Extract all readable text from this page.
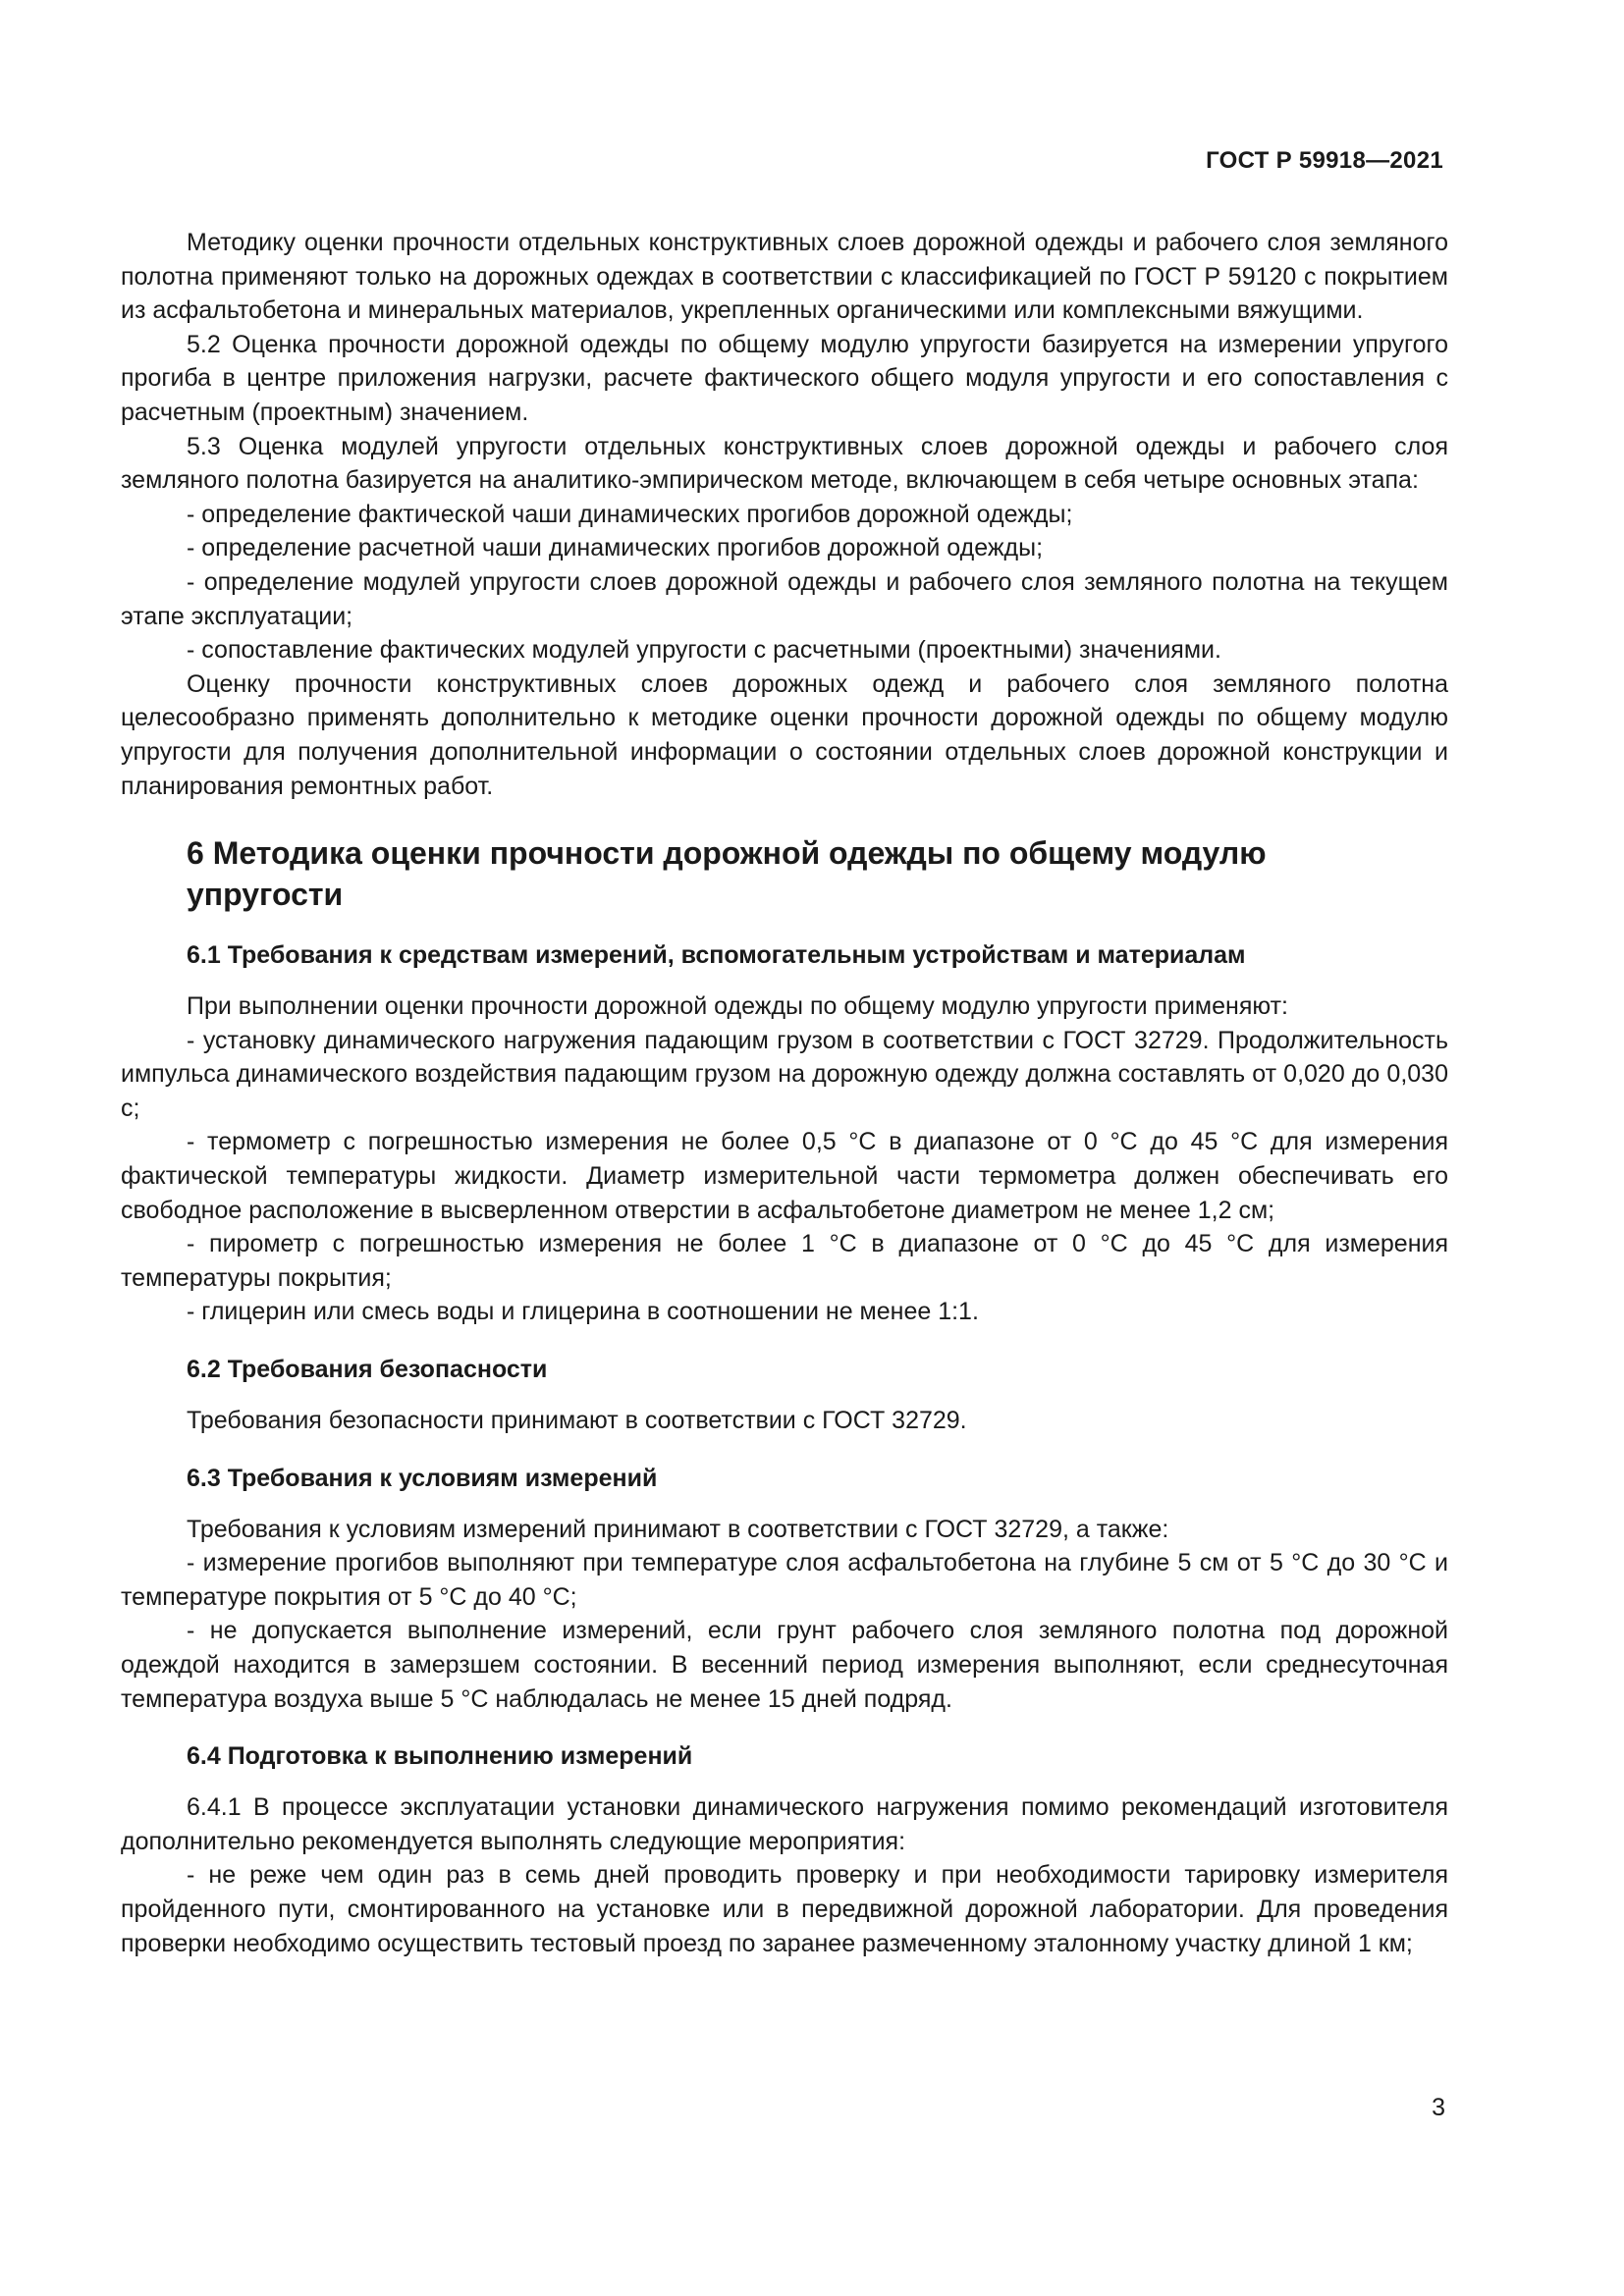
ГОСТ Р 59918—2021

Методику оценки прочности отдельных конструктивных слоев дорожной одежды и рабочего слоя земляного полотна применяют только на дорожных одеждах в соответствии с классификацией по ГОСТ Р 59120 с покрытием из асфальтобетона и минеральных материалов, укрепленных органическими или комплексными вяжущими.

5.2 Оценка прочности дорожной одежды по общему модулю упругости базируется на измерении упругого прогиба в центре приложения нагрузки, расчете фактического общего модуля упругости и его сопоставления с расчетным (проектным) значением.

5.3 Оценка модулей упругости отдельных конструктивных слоев дорожной одежды и рабочего слоя земляного полотна базируется на аналитико-эмпирическом методе, включающем в себя четыре основных этапа:

- определение фактической чаши динамических прогибов дорожной одежды;

- определение расчетной чаши динамических прогибов дорожной одежды;

- определение модулей упругости слоев дорожной одежды и рабочего слоя земляного полотна на текущем этапе эксплуатации;

- сопоставление фактических модулей упругости с расчетными (проектными) значениями.

Оценку прочности конструктивных слоев дорожных одежд и рабочего слоя земляного полотна целесообразно применять дополнительно к методике оценки прочности дорожной одежды по общему модулю упругости для получения дополнительной информации о состоянии отдельных слоев дорожной конструкции и планирования ремонтных работ.

6 Методика оценки прочности дорожной одежды по общему модулю
упругости
6.1 Требования к средствам измерений, вспомогательным устройствам и материалам

При выполнении оценки прочности дорожной одежды по общему модулю упругости применяют:

- установку динамического нагружения падающим грузом в соответствии с ГОСТ 32729. Продолжительность импульса динамического воздействия падающим грузом на дорожную одежду должна составлять от 0,020 до 0,030 с;

- термометр с погрешностью измерения не более 0,5 °С в диапазоне от 0 °С до 45 °С для измерения фактической температуры жидкости. Диаметр измерительной части термометра должен обеспечивать его свободное расположение в высверленном отверстии в асфальтобетоне диаметром не менее 1,2 см;

- пирометр с погрешностью измерения не более 1 °С в диапазоне от 0 °С до 45 °С для измерения температуры покрытия;

- глицерин или смесь воды и глицерина в соотношении не менее 1:1.

6.2 Требования безопасности

Требования безопасности принимают в соответствии с ГОСТ 32729.

6.3 Требования к условиям измерений

Требования к условиям измерений принимают в соответствии с ГОСТ 32729, а также:

- измерение прогибов выполняют при температуре слоя асфальтобетона на глубине 5 см от 5 °С до 30 °С и температуре покрытия от 5 °С до 40 °С;

- не допускается выполнение измерений, если грунт рабочего слоя земляного полотна под дорожной одеждой находится в замерзшем состоянии. В весенний период измерения выполняют, если среднесуточная температура воздуха выше 5 °С наблюдалась не менее 15 дней подряд.

6.4 Подготовка к выполнению измерений

6.4.1 В процессе эксплуатации установки динамического нагружения помимо рекомендаций изготовителя дополнительно рекомендуется выполнять следующие мероприятия:

- не реже чем один раз в семь дней проводить проверку и при необходимости тарировку измерителя пройденного пути, смонтированного на установке или в передвижной дорожной лаборатории. Для проведения проверки необходимо осуществить тестовый проезд по заранее размеченному эталонному участку длиной 1 км;

3
